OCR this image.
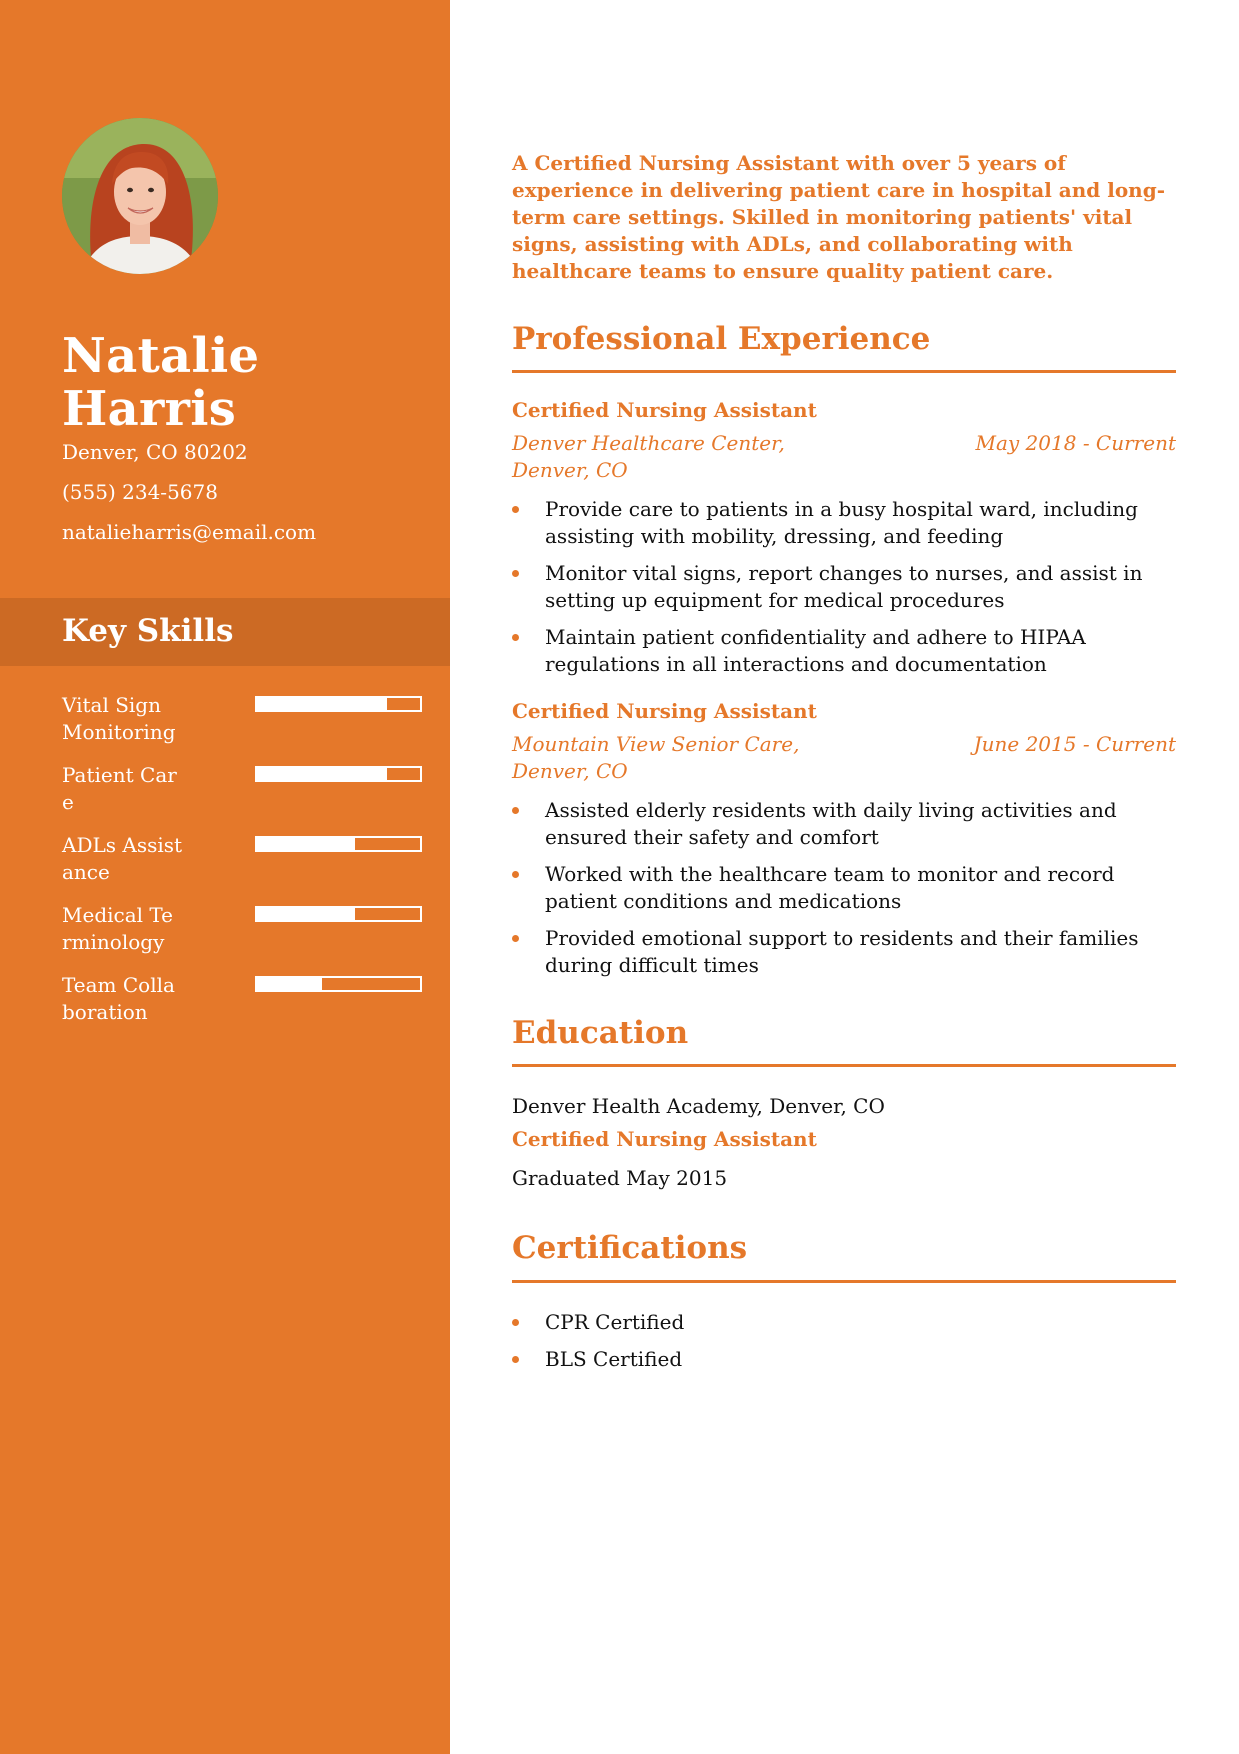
Natalie Harris
Denver, CO 80202
(555) 234-5678
natalieharris@email.com
Key Skills
Vital Sign Monitoring
Patient Care
ADLs Assistance
Medical Terminology
Team Collaboration

A Certified Nursing Assistant with over 5 years of experience in delivering patient care in hospital and long-term care settings. Skilled in monitoring patients' vital signs, assisting with ADLs, and collaborating with healthcare teams to ensure quality patient care.

Professional Experience
Certified Nursing Assistant
Denver Healthcare Center, Denver, CO
May 2018 - Current
Provide care to patients in a busy hospital ward, including assisting with mobility, dressing, and feeding
Monitor vital signs, report changes to nurses, and assist in setting up equipment for medical procedures
Maintain patient confidentiality and adhere to HIPAA regulations in all interactions and documentation
Certified Nursing Assistant
Mountain View Senior Care, Denver, CO
June 2015 - Current
Assisted elderly residents with daily living activities and ensured their safety and comfort
Worked with the healthcare team to monitor and record patient conditions and medications
Provided emotional support to residents and their families during difficult times
Education
Denver Health Academy, Denver, CO
Certified Nursing Assistant
Graduated May 2015
Certifications
CPR Certified
BLS Certified
